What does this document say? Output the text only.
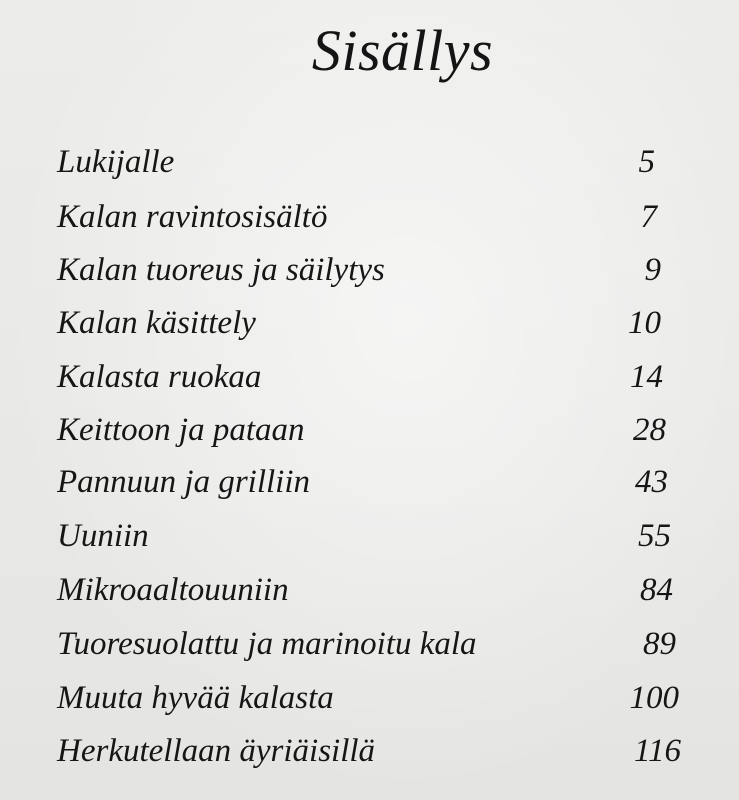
Sisällys
Lukijalle	5
Kalan ravintosisältö	7
Kalan tuoreus ja säilytys	9
Kalan käsittely	10
Kalasta ruokaa	14
Keittoon ja pataan	28
Pannuun ja grilliin	43
Uuniin	55
Mikroaaltouuniin	84
Tuoresuolattu ja marinoitu kala	89
Muuta hyvää kalasta	100
Herkutellaan äyriäisillä	116
